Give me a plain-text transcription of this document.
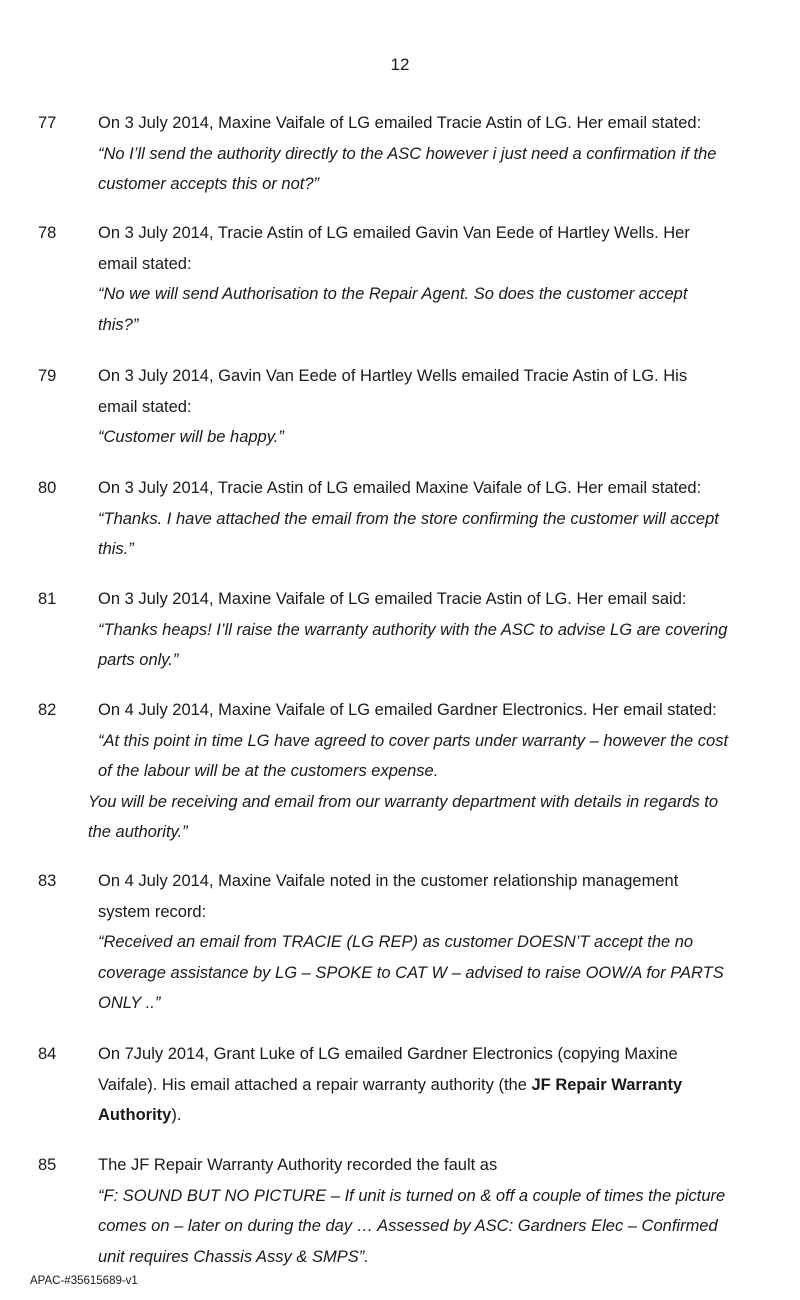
12
77	On 3 July 2014, Maxine Vaifale of LG emailed Tracie Astin of LG. Her email stated:
“No I’ll send the authority directly to the ASC however i just need a confirmation if the
customer accepts this or not?”
78	On 3 July 2014, Tracie Astin of LG emailed Gavin Van Eede of Hartley Wells. Her
email stated:
“No we will send Authorisation to the Repair Agent. So does the customer accept
this?”
79	On 3 July 2014, Gavin Van Eede of Hartley Wells emailed Tracie Astin of LG. His
email stated:
“Customer will be happy.”
80	On 3 July 2014, Tracie Astin of LG emailed Maxine Vaifale of LG. Her email stated:
“Thanks. I have attached the email from the store confirming the customer will accept
this.”
81	On 3 July 2014, Maxine Vaifale of LG emailed Tracie Astin of LG. Her email said:
“Thanks heaps! I’ll raise the warranty authority with the ASC to advise LG are covering
parts only.”
82	On 4 July 2014, Maxine Vaifale of LG emailed Gardner Electronics. Her email stated:
“At this point in time LG have agreed to cover parts under warranty – however the cost
of the labour will be at the customers expense.
You will be receiving and email from our warranty department with details in regards to
the authority.”
83	On 4 July 2014, Maxine Vaifale noted in the customer relationship management
system record:
“Received an email from TRACIE (LG REP) as customer DOESN’T accept the no
coverage assistance by LG – SPOKE to CAT W – advised to raise OOW/A for PARTS
ONLY ..”
84	On 7July 2014, Grant Luke of LG emailed Gardner Electronics (copying Maxine
Vaifale). His email attached a repair warranty authority (the JF Repair Warranty
Authority).
85	The JF Repair Warranty Authority recorded the fault as
“F: SOUND BUT NO PICTURE – If unit is turned on & off a couple of times the picture
comes on – later on during the day … Assessed by ASC: Gardners Elec – Confirmed
unit requires Chassis Assy & SMPS”.
APAC-#35615689-v1
